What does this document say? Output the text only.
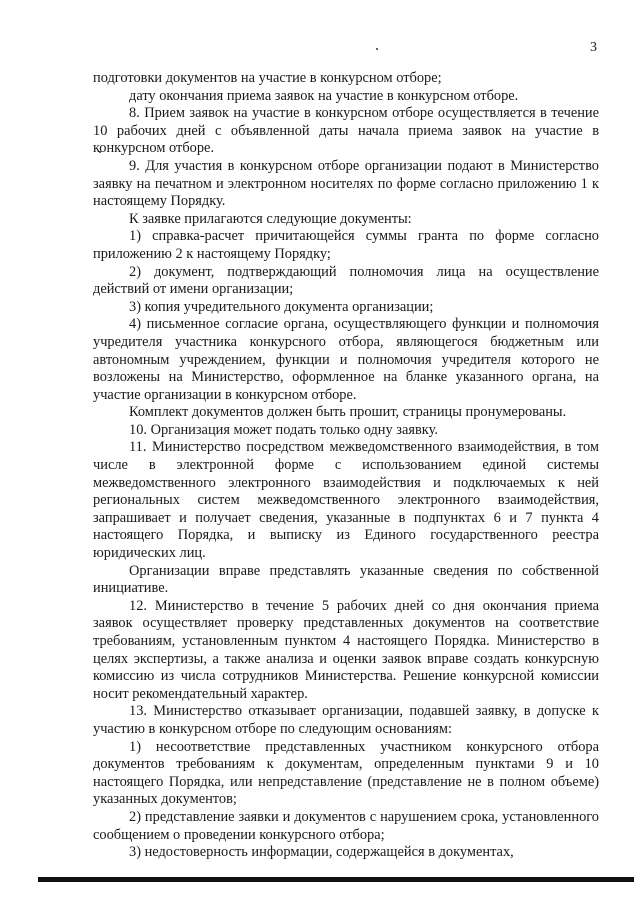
3

подготовки документов на участие в конкурсном отборе;

дату окончания приема заявок на участие в конкурсном отборе.

8. Прием заявок на участие в конкурсном отборе осуществляется в течение 10 рабочих дней с объявленной даты начала приема заявок на участие в конкурсном отборе.

9. Для участия в конкурсном отборе организации подают в Министерство заявку на печатном и электронном носителях по форме согласно приложению 1 к настоящему Порядку.

К заявке прилагаются следующие документы:

1) справка-расчет причитающейся суммы гранта по форме согласно приложению 2 к настоящему Порядку;

2) документ, подтверждающий полномочия лица на осуществление действий от имени организации;

3) копия учредительного документа организации;

4) письменное согласие органа, осуществляющего функции и полномочия учредителя участника конкурсного отбора, являющегося бюджетным или автономным учреждением, функции и полномочия учредителя которого не возложены на Министерство, оформленное на бланке указанного органа, на участие организации в конкурсном отборе.

Комплект документов должен быть прошит, страницы пронумерованы.

10. Организация может подать только одну заявку.

11. Министерство посредством межведомственного взаимодействия, в том числе в электронной форме с использованием единой системы межведомственного электронного взаимодействия и подключаемых к ней региональных систем межведомственного электронного взаимодействия, запрашивает и получает сведения, указанные в подпунктах 6 и 7 пункта 4 настоящего Порядка, и выписку из Единого государственного реестра юридических лиц.

Организации вправе представлять указанные сведения по собственной инициативе.

12. Министерство в течение 5 рабочих дней со дня окончания приема заявок осуществляет проверку представленных документов на соответствие требованиям, установленным пунктом 4 настоящего Порядка. Министерство в целях экспертизы, а также анализа и оценки заявок вправе создать конкурсную комиссию из числа сотрудников Министерства. Решение конкурсной комиссии носит рекомендательный характер.

13. Министерство отказывает организации, подавшей заявку, в допуске к участию в конкурсном отборе по следующим основаниям:

1) несоответствие представленных участником конкурсного отбора документов требованиям к документам, определенным пунктами 9 и 10 настоящего Порядка, или непредставление (представление не в полном объеме) указанных документов;

2) представление заявки и документов с нарушением срока, установленного сообщением о проведении конкурсного отбора;

3) недостоверность информации, содержащейся в документах,
